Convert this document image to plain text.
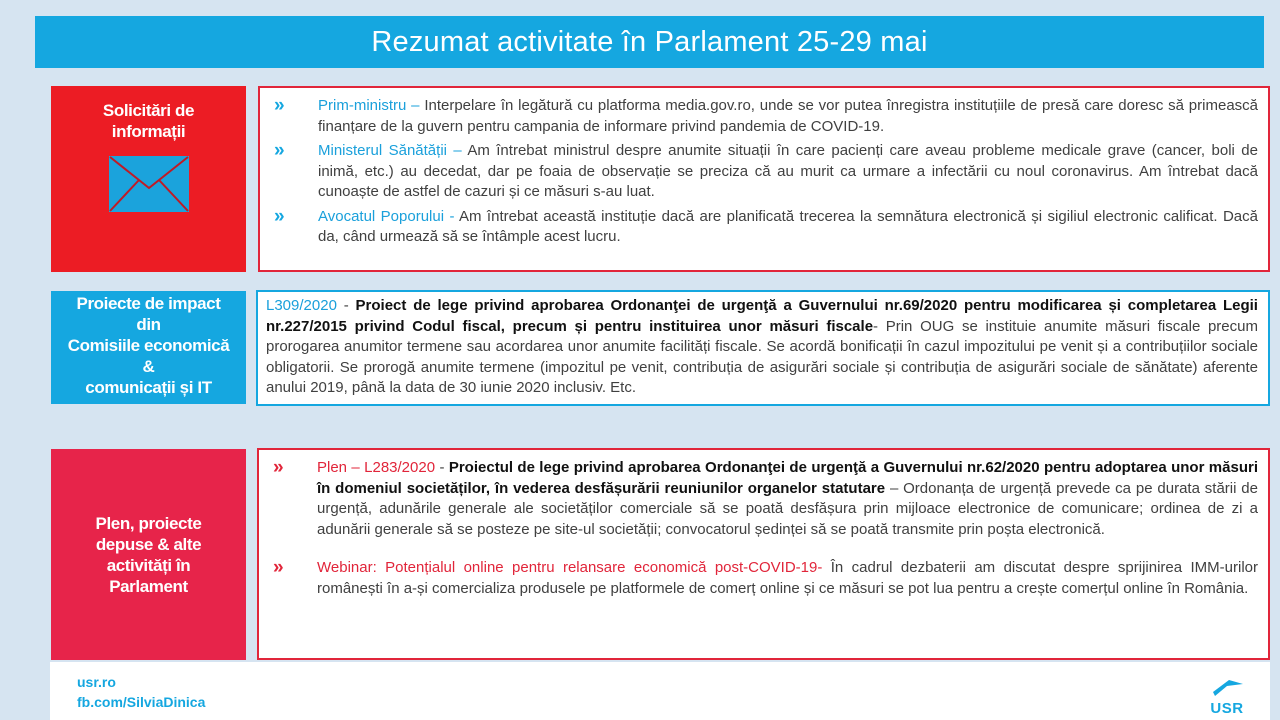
Rezumat activitate în Parlament 25-29 mai
Solicitări de
informații
»	Prim-ministru – Interpelare în legătură cu platforma media.gov.ro, unde se vor putea înregistra instituțiile de presă care doresc să primească finanțare de la guvern pentru campania de informare privind pandemia de COVID-19.
»	Ministerul Sănătății – Am întrebat ministrul despre anumite situații în care pacienți care aveau probleme medicale grave (cancer, boli de inimă, etc.) au decedat, dar pe foaia de observație se preciza că au murit ca urmare a infectării cu noul coronavirus. Am întrebat dacă cunoaște de astfel de cazuri și ce măsuri s-au luat.
»	Avocatul Poporului - Am întrebat această instituție dacă are planificată trecerea la semnătura electronică și sigiliul electronic calificat. Dacă da, când urmează să se întâmple acest lucru.
Proiecte de impact
din
Comisiile economică
&
comunicații și IT
L309/2020 - Proiect de lege privind aprobarea Ordonanţei de urgenţă a Guvernului nr.69/2020 pentru modificarea și completarea Legii nr.227/2015 privind Codul fiscal, precum și pentru instituirea unor măsuri fiscale- Prin OUG se instituie anumite măsuri fiscale precum prorogarea anumitor termene sau acordarea unor anumite facilități fiscale. Se acordă bonificații în cazul impozitului pe venit și a contribuțiilor sociale obligatorii. Se prorogă anumite termene (impozitul pe venit, contribuția de asigurări sociale și contribuția de asigurări sociale de sănătate) aferente anului 2019, până la data de 30 iunie 2020 inclusiv. Etc.
Plen, proiecte
depuse & alte
activități în
Parlament
»	Plen – L283/2020 - Proiectul de lege privind aprobarea Ordonanţei de urgenţă a Guvernului nr.62/2020 pentru adoptarea unor măsuri în domeniul societăților, în vederea desfășurării reuniunilor organelor statutare – Ordonanța de urgență prevede ca pe durata stării de urgență, adunările generale ale societăților comerciale să se poată desfășura prin mijloace electronice de comunicare; ordinea de zi a adunării generale să se posteze pe site-ul societății; convocatorul ședinței să se poată transmite prin poșta electronică.
»	Webinar: Potențialul online pentru relansare economică post-COVID-19- În cadrul dezbaterii am discutat despre sprijinirea IMM-urilor românești în a-și comercializa produsele pe platformele de comerț online și ce măsuri se pot lua pentru a crește comerțul online în România.
usr.ro
fb.com/SilviaDinica	USR
